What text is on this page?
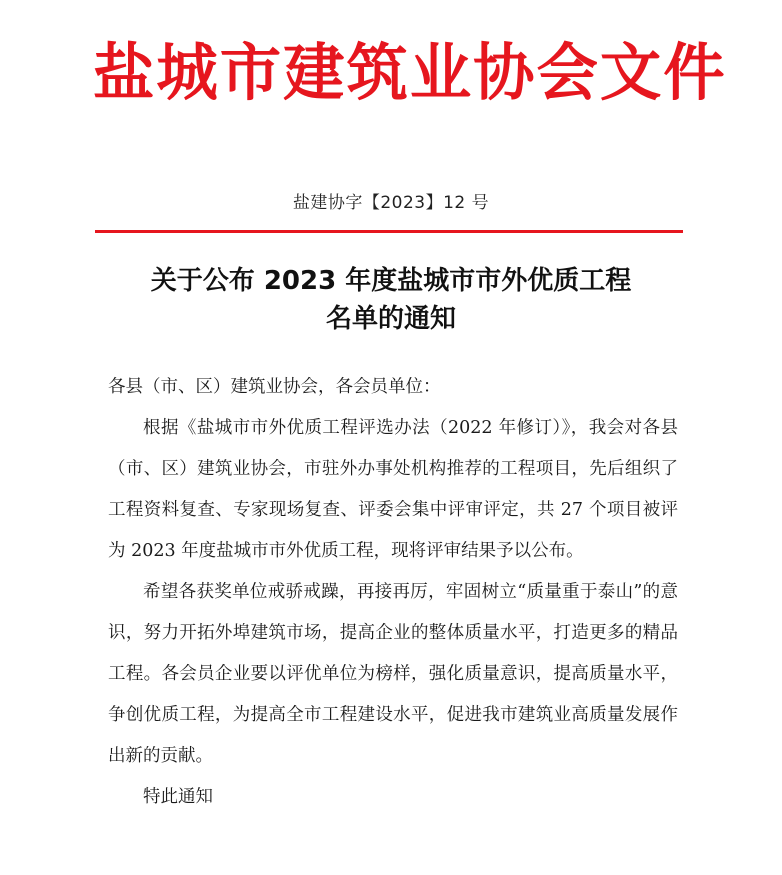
盐城市建筑业协会文件
盐建协字【2023】12 号
关于公布 2023 年度盐城市市外优质工程
名单的通知

各县（市、区）建筑业协会，各会员单位：

根据《盐城市市外优质工程评选办法（2022 年修订）》，我会对各县（市、区）建筑业协会，市驻外办事处机构推荐的工程项目，先后组织了工程资料复查、专家现场复查、评委会集中评审评定，共 27 个项目被评为 2023 年度盐城市市外优质工程，现将评审结果予以公布。

希望各获奖单位戒骄戒躁，再接再厉，牢固树立“质量重于泰山”的意识，努力开拓外埠建筑市场，提高企业的整体质量水平，打造更多的精品工程。各会员企业要以评优单位为榜样，强化质量意识，提高质量水平，争创优质工程，为提高全市工程建设水平，促进我市建筑业高质量发展作出新的贡献。

特此通知
